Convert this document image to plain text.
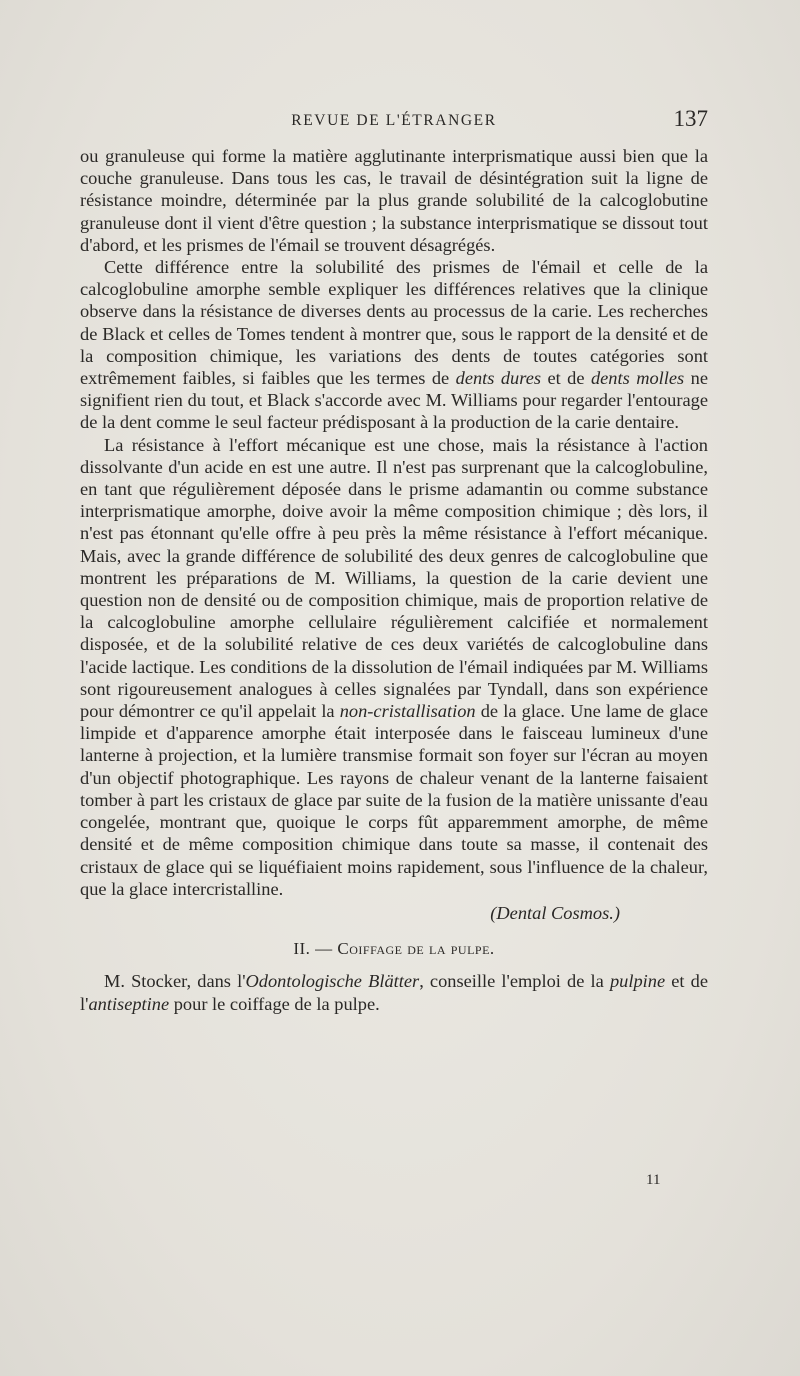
REVUE DE L'ÉTRANGER	137

ou granuleuse qui forme la matière agglutinante interprismatique aussi bien que la couche granuleuse. Dans tous les cas, le travail de désintégration suit la ligne de résistance moindre, déterminée par la plus grande solubilité de la calcoglobutine granuleuse dont il vient d'être question ; la substance interprismatique se dissout tout d'abord, et les prismes de l'émail se trouvent désagrégés.

Cette différence entre la solubilité des prismes de l'émail et celle de la calcoglobuline amorphe semble expliquer les différences relatives que la clinique observe dans la résistance de diverses dents au processus de la carie. Les recherches de Black et celles de Tomes tendent à montrer que, sous le rapport de la densité et de la composition chimique, les variations des dents de toutes catégories sont extrêmement faibles, si faibles que les termes de dents dures et de dents molles ne signifient rien du tout, et Black s'accorde avec M. Williams pour regarder l'entourage de la dent comme le seul facteur prédisposant à la production de la carie dentaire.

La résistance à l'effort mécanique est une chose, mais la résistance à l'action dissolvante d'un acide en est une autre. Il n'est pas surprenant que la calcoglobuline, en tant que régulièrement déposée dans le prisme adamantin ou comme substance interprismatique amorphe, doive avoir la même composition chimique ; dès lors, il n'est pas étonnant qu'elle offre à peu près la même résistance à l'effort mécanique. Mais, avec la grande différence de solubilité des deux genres de calcoglobuline que montrent les préparations de M. Williams, la question de la carie devient une question non de densité ou de composition chimique, mais de proportion relative de la calcoglobuline amorphe cellulaire régulièrement calcifiée et normalement disposée, et de la solubilité relative de ces deux variétés de calcoglobuline dans l'acide lactique. Les conditions de la dissolution de l'émail indiquées par M. Williams sont rigoureusement analogues à celles signalées par Tyndall, dans son expérience pour démontrer ce qu'il appelait la non-cristallisation de la glace. Une lame de glace limpide et d'apparence amorphe était interposée dans le faisceau lumineux d'une lanterne à projection, et la lumière transmise formait son foyer sur l'écran au moyen d'un objectif photographique. Les rayons de chaleur venant de la lanterne faisaient tomber à part les cristaux de glace par suite de la fusion de la matière unissante d'eau congelée, montrant que, quoique le corps fût apparemment amorphe, de même densité et de même composition chimique dans toute sa masse, il contenait des cristaux de glace qui se liquéfiaient moins rapidement, sous l'influence de la chaleur, que la glace intercristalline.

(Dental Cosmos.)

II. — Coiffage de la pulpe.

M. Stocker, dans l'Odontologische Blätter, conseille l'emploi de la pulpine et de l'antiseptine pour le coiffage de la pulpe.

11
